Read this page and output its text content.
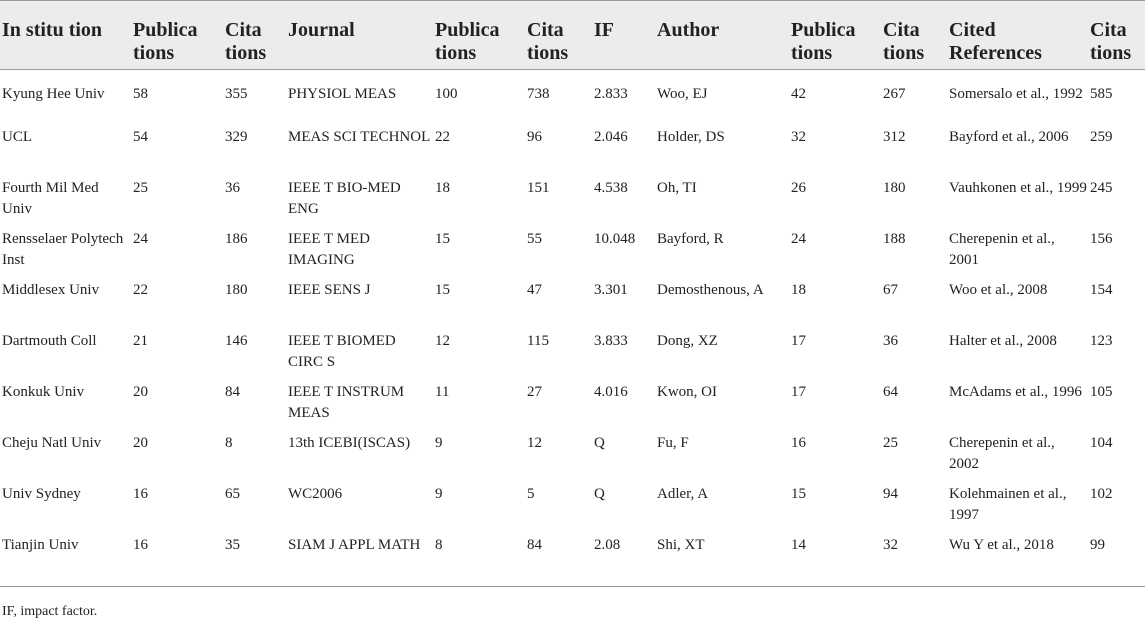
In stitu tion	Publica tions	Cita tions	Journal	Publica tions	Cita tions	IF	Author	Publica tions	Cita tions	Cited References	Cita tions
Kyung Hee Univ	58	355	PHYSIOL MEAS	100	738	2.833	Woo, EJ	42	267	Somersalo et al., 1992	585
UCL	54	329	MEAS SCI TECHNOL	22	96	2.046	Holder, DS	32	312	Bayford et al., 2006	259
Fourth Mil Med Univ	25	36	IEEE T BIO-MED ENG	18	151	4.538	Oh, TI	26	180	Vauhkonen et al., 1999	245
Rensselaer Polytech Inst	24	186	IEEE T MED IMAGING	15	55	10.048	Bayford, R	24	188	Cherepenin et al., 2001	156
Middlesex Univ	22	180	IEEE SENS J	15	47	3.301	Demosthenous, A	18	67	Woo et al., 2008	154
Dartmouth Coll	21	146	IEEE T BIOMED CIRC S	12	115	3.833	Dong, XZ	17	36	Halter et al., 2008	123
Konkuk Univ	20	84	IEEE T INSTRUM MEAS	11	27	4.016	Kwon, OI	17	64	McAdams et al., 1996	105
Cheju Natl Univ	20	8	13th ICEBI(ISCAS)	9	12	Q	Fu, F	16	25	Cherepenin et al., 2002	104
Univ Sydney	16	65	WC2006	9	5	Q	Adler, A	15	94	Kolehmainen et al., 1997	102
Tianjin Univ	16	35	SIAM J APPL MATH	8	84	2.08	Shi, XT	14	32	Wu Y et al., 2018	99
IF, impact factor.
